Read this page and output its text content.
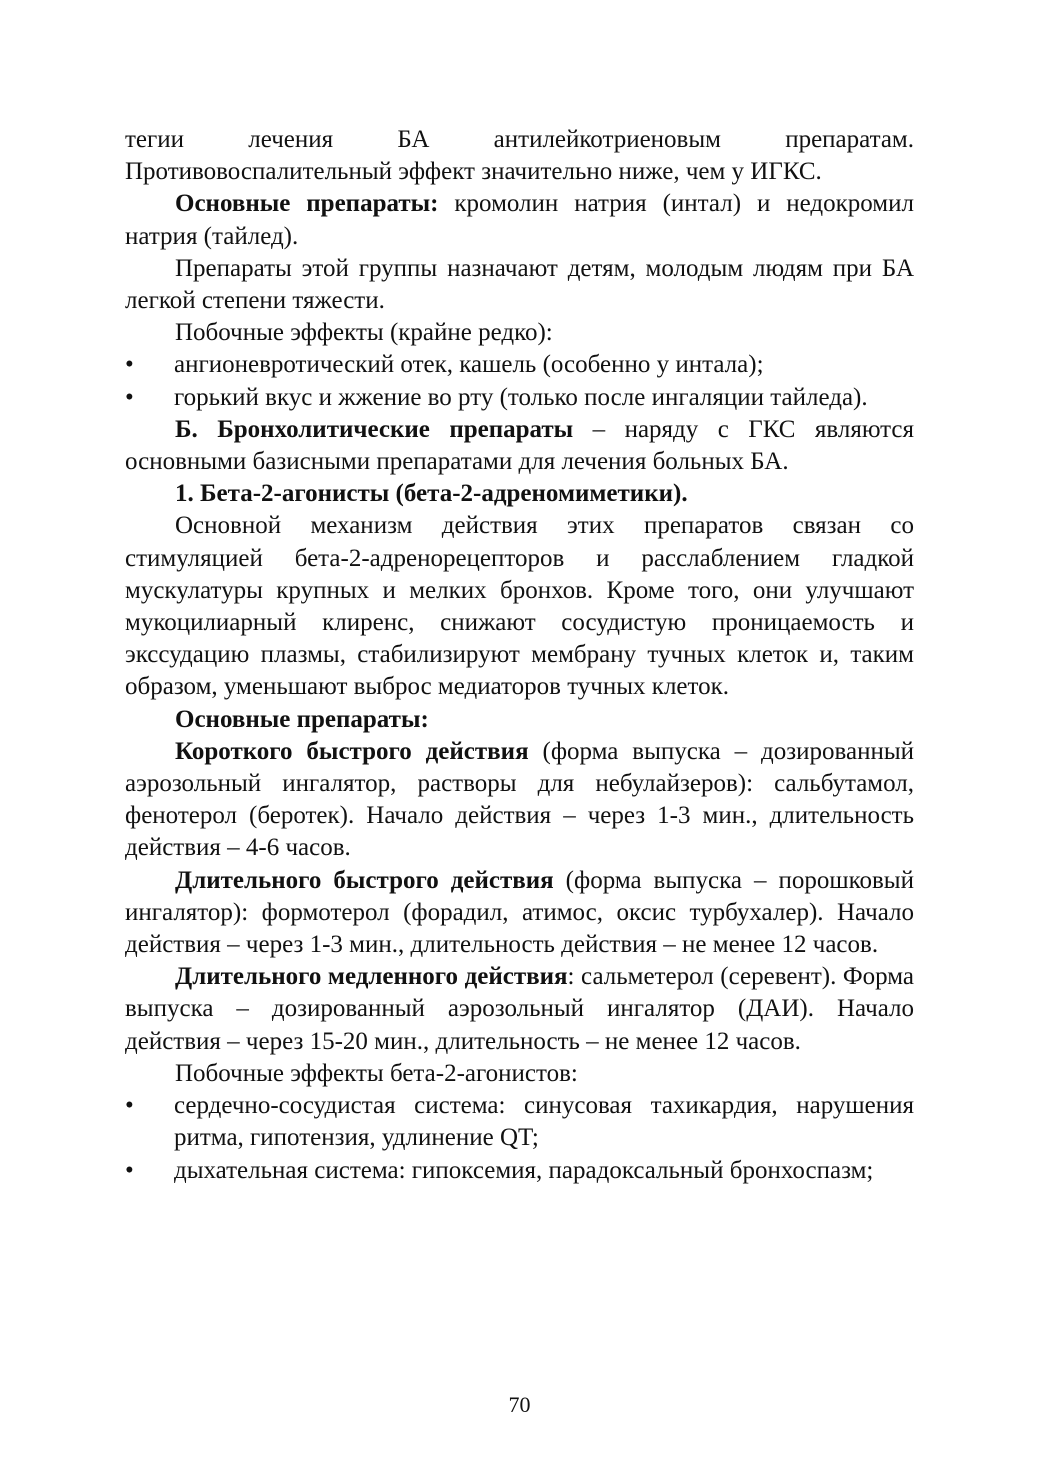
тегии лечения БА антилейкотриеновым препаратам. Противовоспалительный эффект значительно ниже, чем у ИГКС.

Основные препараты: кромолин натрия (интал) и недокромил натрия (тайлед).

Препараты этой группы назначают детям, молодым людям при БА легкой степени тяжести.

Побочные эффекты (крайне редко):

• ангионевротический отек, кашель (особенно у интала);
• горький вкус и жжение во рту (только после ингаляции тайледа).

Б. Бронхолитические препараты – наряду с ГКС являются основными базисными препаратами для лечения больных БА.

1. Бета-2-агонисты (бета-2-адреномиметики).

Основной механизм действия этих препаратов связан со стимуляцией бета-2-адренорецепторов и расслаблением гладкой мускулатуры крупных и мелких бронхов. Кроме того, они улучшают мукоцилиарный клиренс, снижают сосудистую проницаемость и экссудацию плазмы, стабилизируют мембрану тучных клеток и, таким образом, уменьшают выброс медиаторов тучных клеток.

Основные препараты:

Короткого быстрого действия (форма выпуска – дозированный аэрозольный ингалятор, растворы для небулайзеров): сальбутамол, фенотерол (беротек). Начало действия – через 1-3 мин., длительность действия – 4-6 часов.

Длительного быстрого действия (форма выпуска – порошковый ингалятор): формотерол (форадил, атимос, оксис турбухалер). Начало действия – через 1-3 мин., длительность действия – не менее 12 часов.

Длительного медленного действия: сальметерол (серевент). Форма выпуска – дозированный аэрозольный ингалятор (ДАИ). Начало действия – через 15-20 мин., длительность – не менее 12 часов.

Побочные эффекты бета-2-агонистов:

• сердечно-сосудистая система: синусовая тахикардия, нарушения ритма, гипотензия, удлинение QT;
• дыхательная система: гипоксемия, парадоксальный бронхоспазм;
70
